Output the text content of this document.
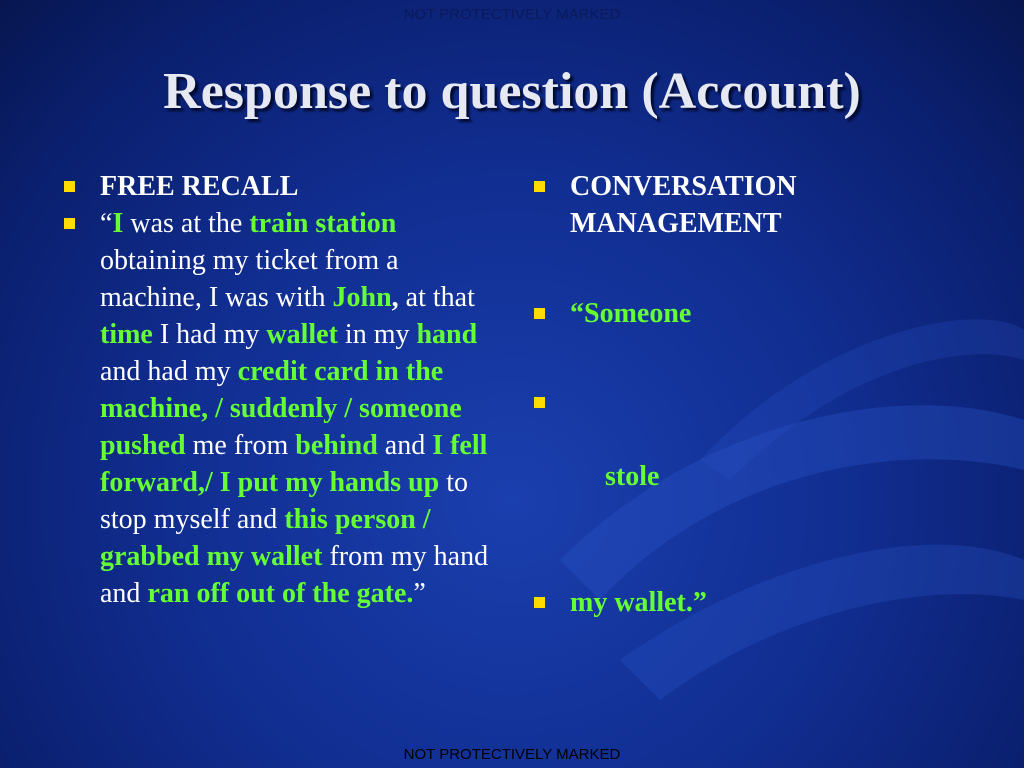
NOT PROTECTIVELY MARKED
Response to question (Account)
FREE RECALL
“I was at the train station obtaining my ticket from a machine, I was with John, at that time I had my wallet in my hand and had my credit card in the machine, / suddenly / someone pushed me from behind and I fell forward,/ I put my hands up to stop myself and this person / grabbed my wallet from my hand and ran off out of the gate.”
CONVERSATION MANAGEMENT
“Someone

stole

my wallet.”
NOT PROTECTIVELY MARKED
